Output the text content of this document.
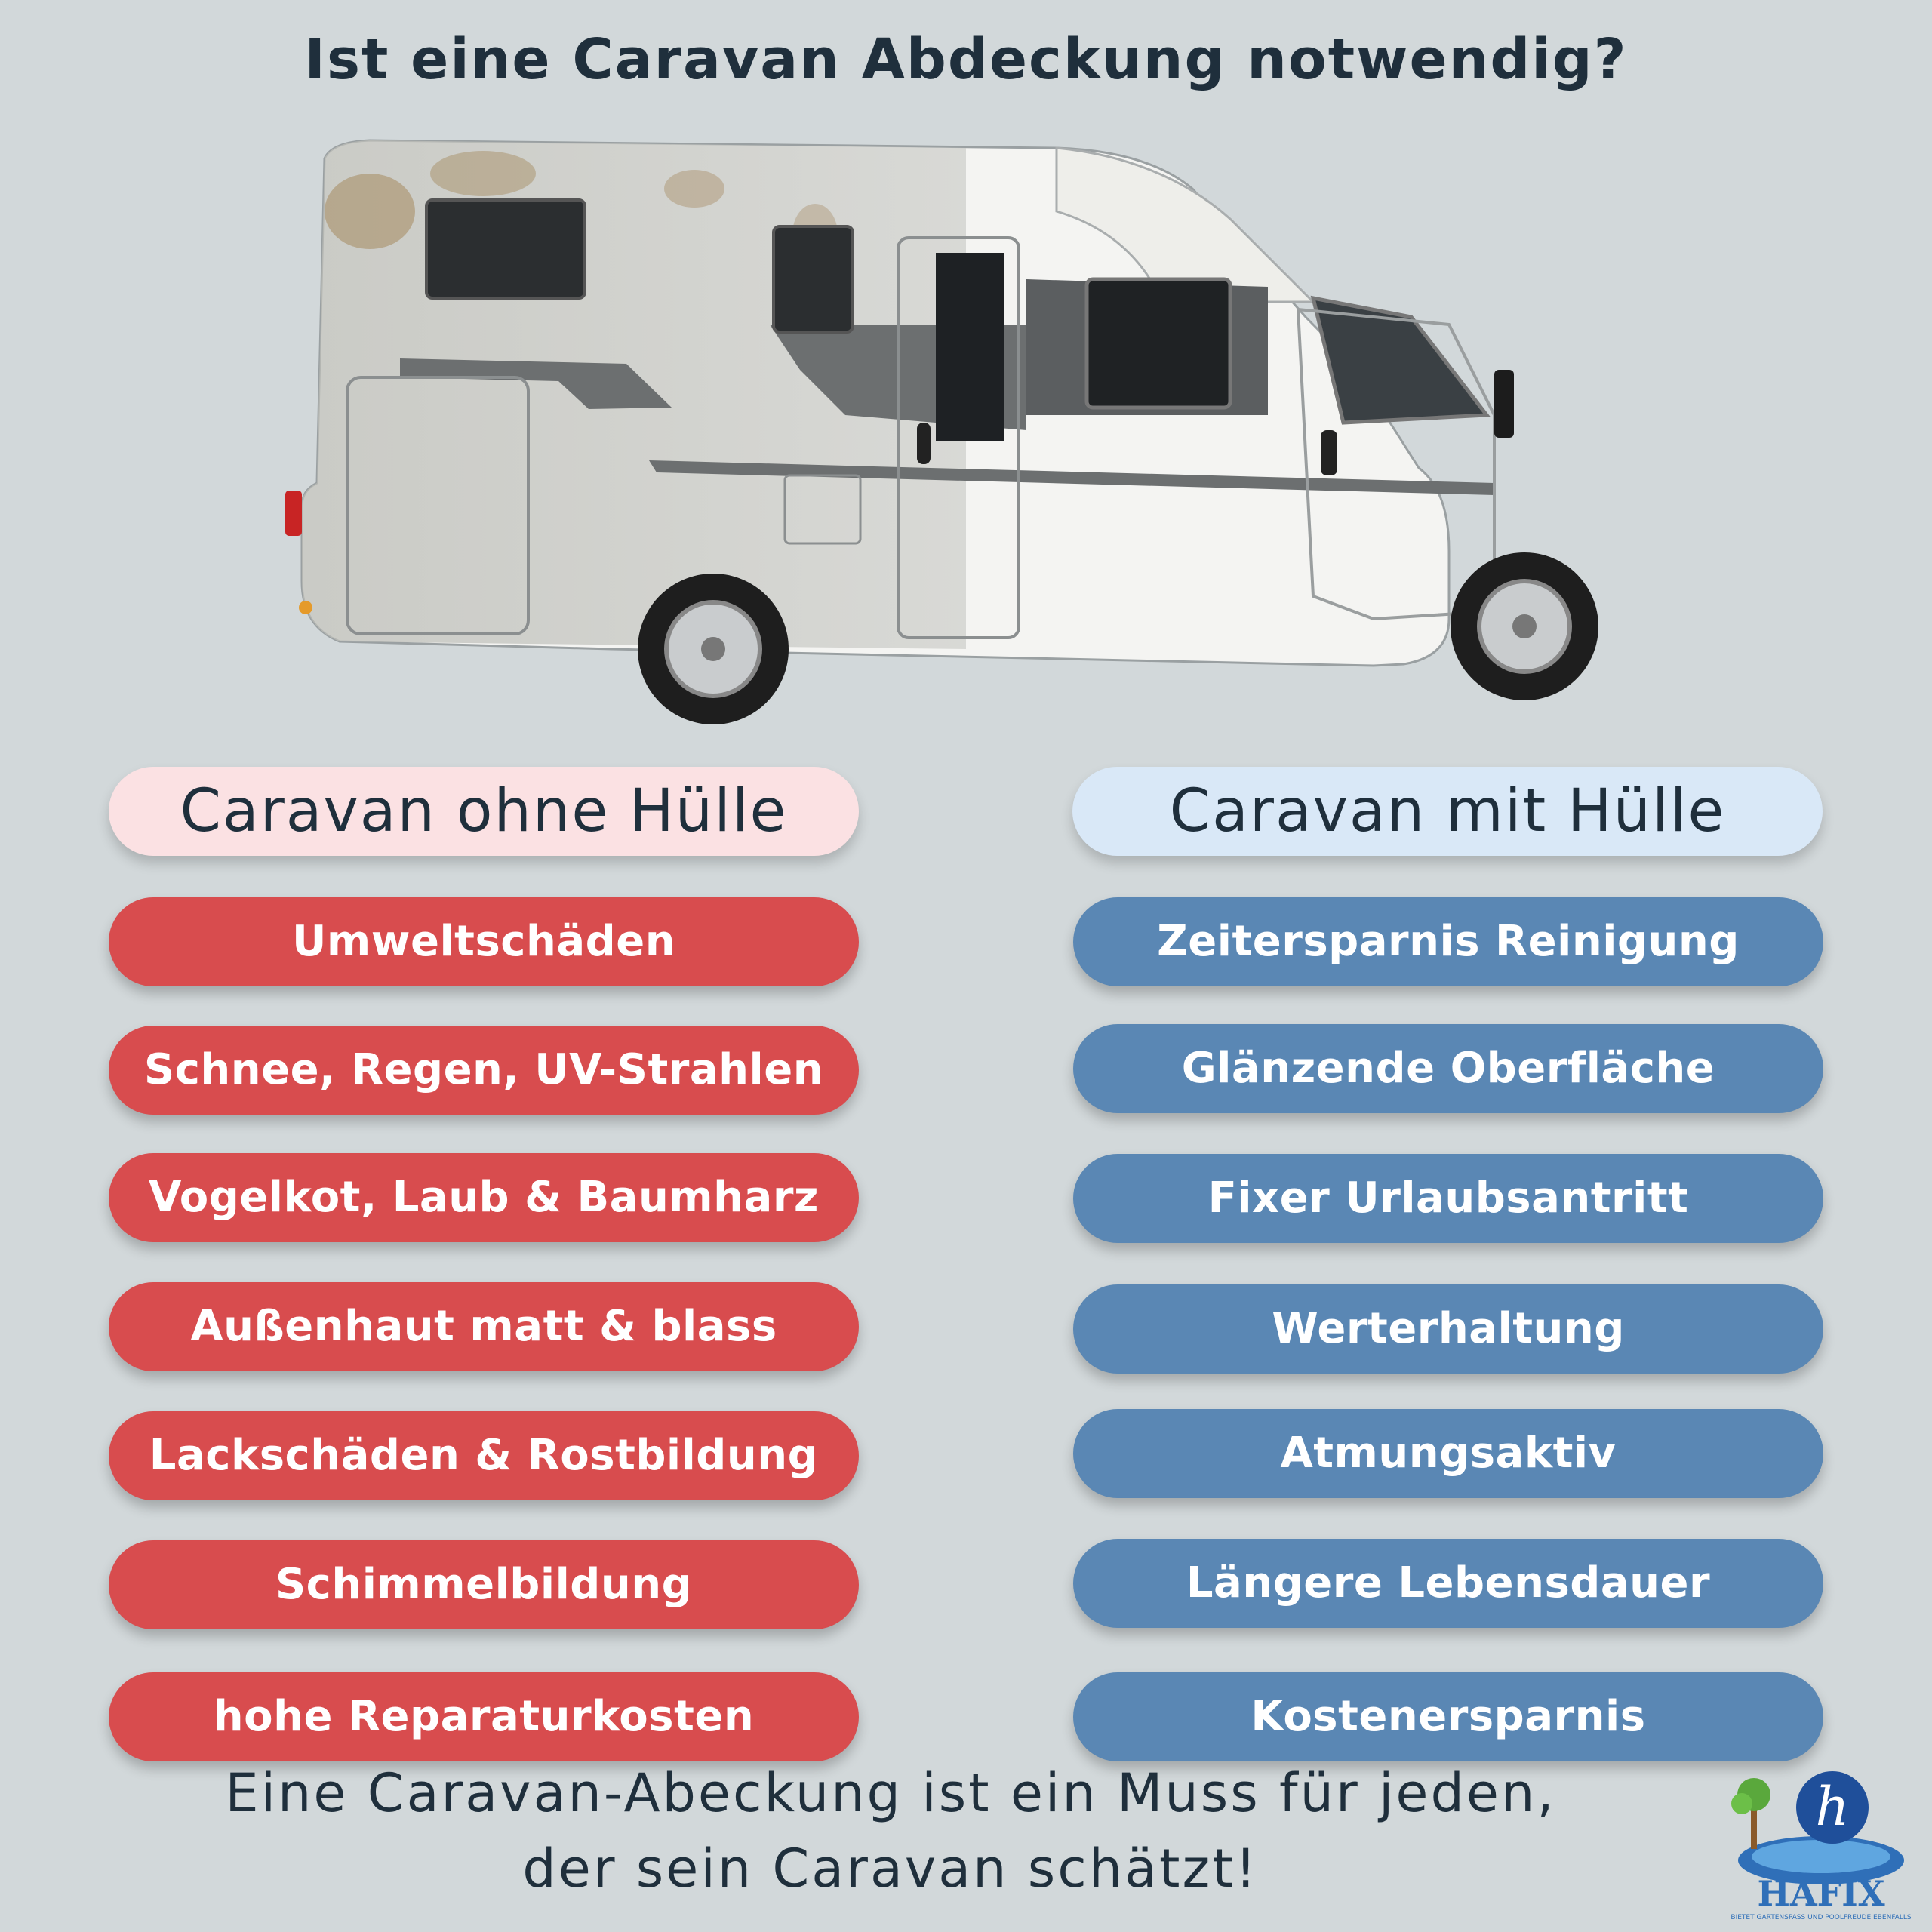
Ist eine Caravan Abdeckung notwendig?
Caravan ohne Hülle	Caravan mit Hülle
Umweltschäden
Schnee, Regen, UV-Strahlen
Vogelkot, Laub & Baumharz
Außenhaut matt & blass
Lackschäden & Rostbildung
Schimmelbildung
hohe Reparaturkosten
Zeitersparnis Reinigung
Glänzende Oberfläche
Fixer Urlaubsantritt
Werterhaltung
Atmungsaktiv
Längere Lebensdauer
Kostenersparnis
Eine Caravan-Abeckung ist ein Muss für jeden,
der sein Caravan schätzt!
h
HAFIX
BIETET GARTENSPASS UND POOLFREUDE EBENFALLS
